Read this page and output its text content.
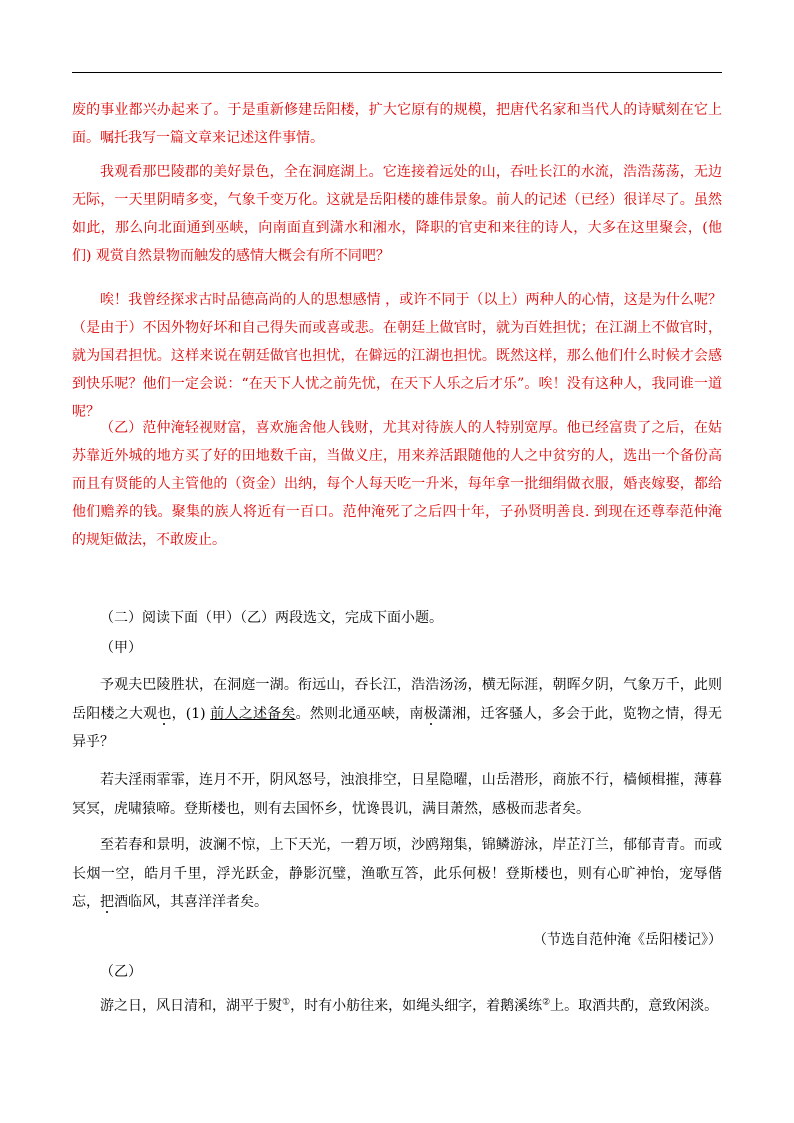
废的事业都兴办起来了。于是重新修建岳阳楼，扩大它原有的规模，把唐代名家和当代人的诗赋刻在它上面。嘱托我写一篇文章来记述这件事情。

我观看那巴陵郡的美好景色，全在洞庭湖上。它连接着远处的山，吞吐长江的水流，浩浩荡荡，无边无际，一天里阴晴多变，气象千变万化。这就是岳阳楼的雄伟景象。前人的记述（已经）很详尽了。虽然如此，那么向北面通到巫峡，向南面直到潇水和湘水，降职的官吏和来往的诗人，大多在这里聚会，(他们) 观赏自然景物而触发的感情大概会有所不同吧？

唉！我曾经探求古时品德高尚的人的思想感情 ，或许不同于（以上）两种人的心情，这是为什么呢？（是由于）不因外物好坏和自己得失而或喜或悲。在朝廷上做官时，就为百姓担忧；在江湖上不做官时，就为国君担忧。这样来说在朝廷做官也担忧，在僻远的江湖也担忧。既然这样，那么他们什么时候才会感到快乐呢？他们一定会说：“在天下人忧之前先忧，在天下人乐之后才乐”。唉！没有这种人，我同谁一道呢？

（乙）范仲淹轻视财富，喜欢施舍他人钱财，尤其对待族人的人特别宽厚。他已经富贵了之后，在姑苏靠近外城的地方买了好的田地数千亩，当做义庄，用来养活跟随他的人之中贫穷的人，选出一个备份高而且有贤能的人主管他的（资金）出纳，每个人每天吃一升米，每年拿一批细绢做衣服，婚丧嫁娶，都给他们赡养的钱。聚集的族人将近有一百口。范仲淹死了之后四十年，子孙贤明善良. 到现在还尊奉范仲淹的规矩做法，不敢废止。

（二）阅读下面（甲）（乙）两段选文，完成下面小题。

（甲）

予观夫巴陵胜状，在洞庭一湖。衔远山，吞长江，浩浩汤汤，横无际涯，朝晖夕阴，气象万千，此则岳阳楼之大观也，(1) 前人之述备矣。然则北通巫峡，南极潇湘，迁客骚人，多会于此，览物之情，得无异乎？

若夫淫雨霏霏，连月不开，阴风怒号，浊浪排空，日星隐曜，山岳潜形，商旅不行，樯倾楫摧，薄暮冥冥，虎啸猿啼。登斯楼也，则有去国怀乡，忧谗畏讥，满目萧然，感极而悲者矣。

至若春和景明，波澜不惊，上下天光，一碧万顷，沙鸥翔集，锦鳞游泳，岸芷汀兰，郁郁青青。而或长烟一空，皓月千里，浮光跃金，静影沉璧，渔歌互答，此乐何极！登斯楼也，则有心旷神怡，宠辱偕忘，把酒临风，其喜洋洋者矣。

（节选自范仲淹《岳阳楼记》）

（乙）

游之日，风日清和，湖平于熨①，时有小舫往来，如绳头细字，着鹅溪练②上。取酒共酌，意致闲淡。
